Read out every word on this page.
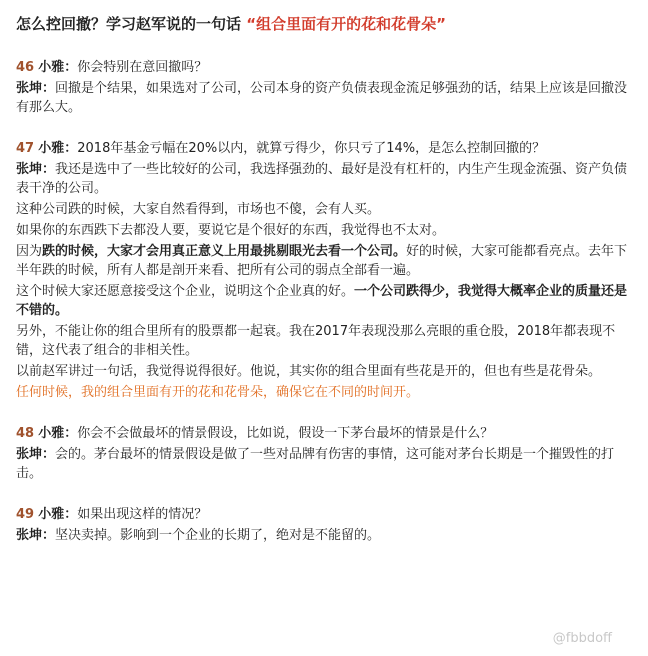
怎么控回撤？学习赵军说的一句话 “组合里面有开的花和花骨朵”

46 小雅：你会特别在意回撤吗？

张坤：回撤是个结果，如果选对了公司，公司本身的资产负债表现金流足够强劲的话，结果上应该是回撤没有那么大。

47 小雅：2018年基金亏幅在20%以内，就算亏得少，你只亏了14%，是怎么控制回撤的？

张坤：我还是选中了一些比较好的公司，我选择强劲的、最好是没有杠杆的，内生产生现金流强、资产负债表干净的公司。

这种公司跌的时候，大家自然看得到，市场也不傻，会有人买。

如果你的东西跌下去都没人要，要说它是个很好的东西，我觉得也不太对。

因为跌的时候，大家才会用真正意义上用最挑剔眼光去看一个公司。好的时候，大家可能都看亮点。去年下半年跌的时候，所有人都是剖开来看、把所有公司的弱点全部看一遍。

这个时候大家还愿意接受这个企业，说明这个企业真的好。一个公司跌得少，我觉得大概率企业的质量还是不错的。

另外，不能让你的组合里所有的股票都一起衰。我在2017年表现没那么亮眼的重仓股，2018年都表现不错，这代表了组合的非相关性。

以前赵军讲过一句话，我觉得说得很好。他说，其实你的组合里面有些花是开的，但也有些是花骨朵。

任何时候，我的组合里面有开的花和花骨朵，确保它在不同的时间开。

48 小雅：你会不会做最坏的情景假设，比如说，假设一下茅台最坏的情景是什么？

张坤：会的。茅台最坏的情景假设是做了一些对品牌有伤害的事情，这可能对茅台长期是一个摧毁性的打击。

49 小雅：如果出现这样的情况？

张坤：坚决卖掉。影响到一个企业的长期了，绝对是不能留的。

@fbbdoff
